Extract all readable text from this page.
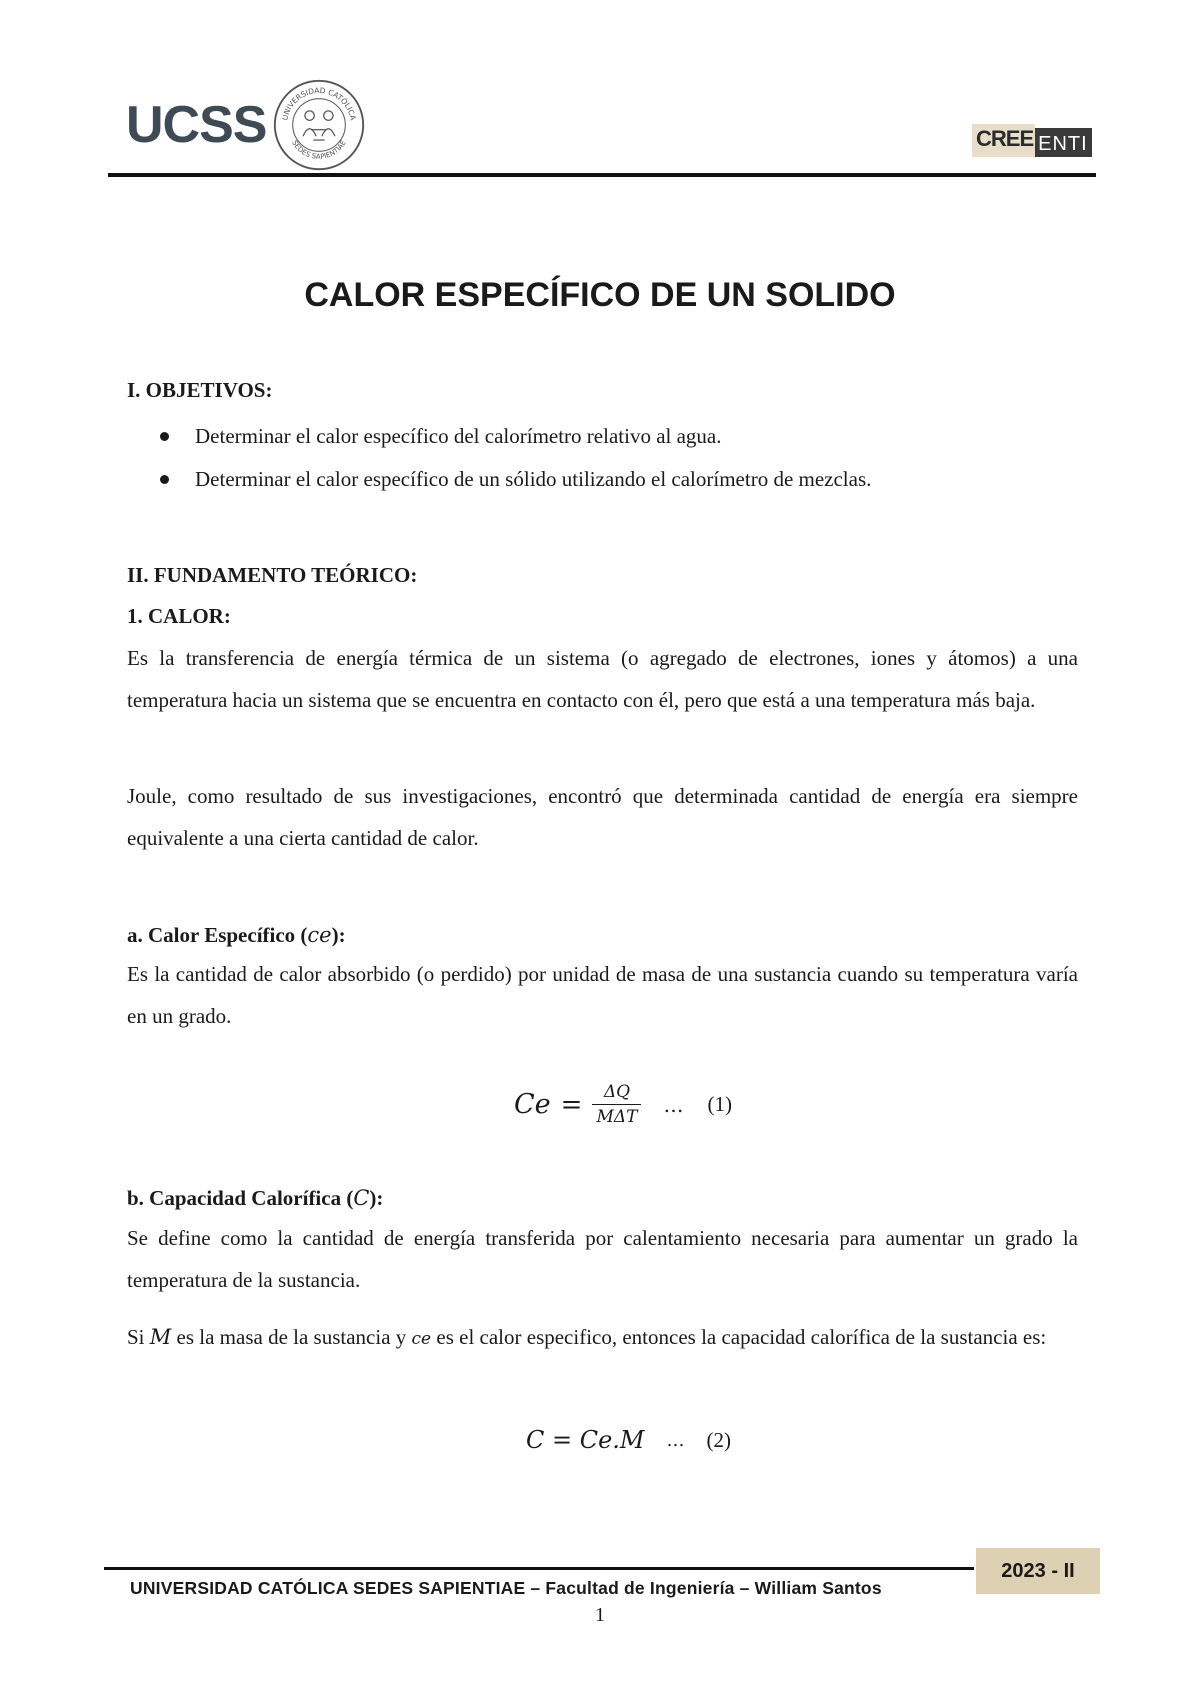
UCSS UNIVERSIDAD CATÓLICA
SEDES SAPIENTIAE	CREE ENTI
CALOR ESPECÍFICO DE UN SOLIDO
I. OBJETIVOS:
Determinar el calor específico del calorímetro relativo al agua.
Determinar el calor específico de un sólido utilizando el calorímetro de mezclas.
II. FUNDAMENTO TEÓRICO:
1. CALOR:
Es la transferencia de energía térmica de un sistema (o agregado de electrones, iones y átomos) a una temperatura hacia un sistema que se encuentra en contacto con él, pero que está a una temperatura más baja.
Joule, como resultado de sus investigaciones, encontró que determinada cantidad de energía era siempre equivalente a una cierta cantidad de calor.
a. Calor Específico (ce):
Es la cantidad de calor absorbido (o perdido) por unidad de masa de una sustancia cuando su temperatura varía en un grado.
$Ce = \frac{\Delta Q}{\text{MΔT}}$ … (1)
b. Capacidad Calorífica (C):
Se define como la cantidad de energía transferida por calentamiento necesaria para aumentar un grado la temperatura de la sustancia.
Si M es la masa de la sustancia y ce es el calor especifico, entonces la capacidad calorífica de la sustancia es:
C = Ce.M … (2)
2023 - II
UNIVERSIDAD CATÓLICA SEDES SAPIENTIAE – Facultad de Ingeniería – William Santos
1
